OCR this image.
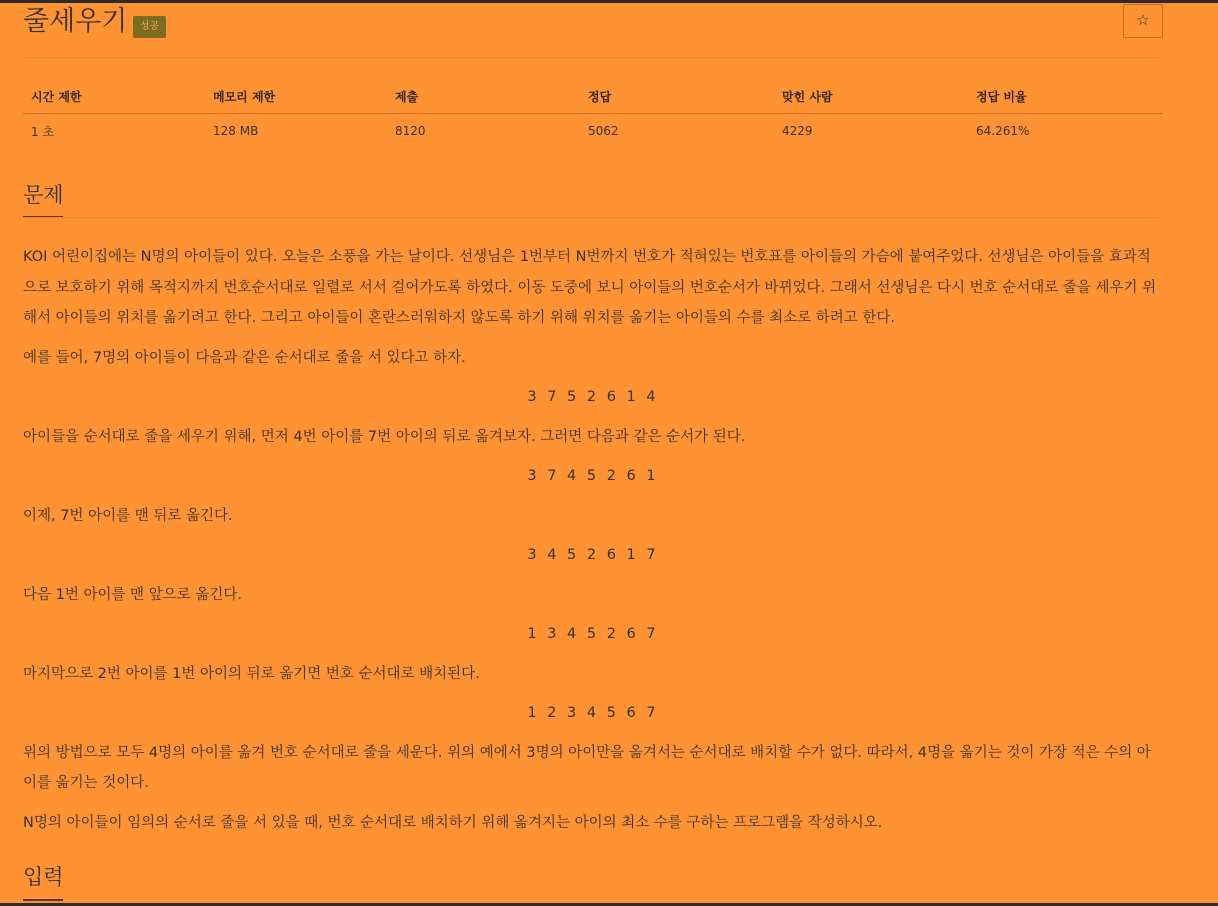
줄세우기	성공	☆
시간 제한	메모리 제한	제출	정답	맞힌 사람	정답 비율
1 초	128 MB	8120	5062	4229	64.261%
문제

KOI 어린이집에는 N명의 아이들이 있다. 오늘은 소풍을 가는 날이다. 선생님은 1번부터 N번까지 번호가 적혀있는 번호표를 아이들의 가슴에 붙여주었다. 선생님은 아이들을 효과적으로 보호하기 위해 목적지까지 번호순서대로 일렬로 서서 걸어가도록 하였다. 이동 도중에 보니 아이들의 번호순서가 바뀌었다. 그래서 선생님은 다시 번호 순서대로 줄을 세우기 위해서 아이들의 위치를 옮기려고 한다. 그리고 아이들이 혼란스러워하지 않도록 하기 위해 위치를 옮기는 아이들의 수를 최소로 하려고 한다.

예를 들어, 7명의 아이들이 다음과 같은 순서대로 줄을 서 있다고 하자.

3 7 5 2 6 1 4

아이들을 순서대로 줄을 세우기 위해, 먼저 4번 아이를 7번 아이의 뒤로 옮겨보자. 그러면 다음과 같은 순서가 된다.

3 7 4 5 2 6 1

이제, 7번 아이를 맨 뒤로 옮긴다.

3 4 5 2 6 1 7

다음 1번 아이를 맨 앞으로 옮긴다.

1 3 4 5 2 6 7

마지막으로 2번 아이를 1번 아이의 뒤로 옮기면 번호 순서대로 배치된다.

1 2 3 4 5 6 7

위의 방법으로 모두 4명의 아이를 옮겨 번호 순서대로 줄을 세운다. 위의 예에서 3명의 아이만을 옮겨서는 순서대로 배치할 수가 없다. 따라서, 4명을 옮기는 것이 가장 적은 수의 아이를 옮기는 것이다.

N명의 아이들이 임의의 순서로 줄을 서 있을 때, 번호 순서대로 배치하기 위해 옮겨지는 아이의 최소 수를 구하는 프로그램을 작성하시오.

입력
